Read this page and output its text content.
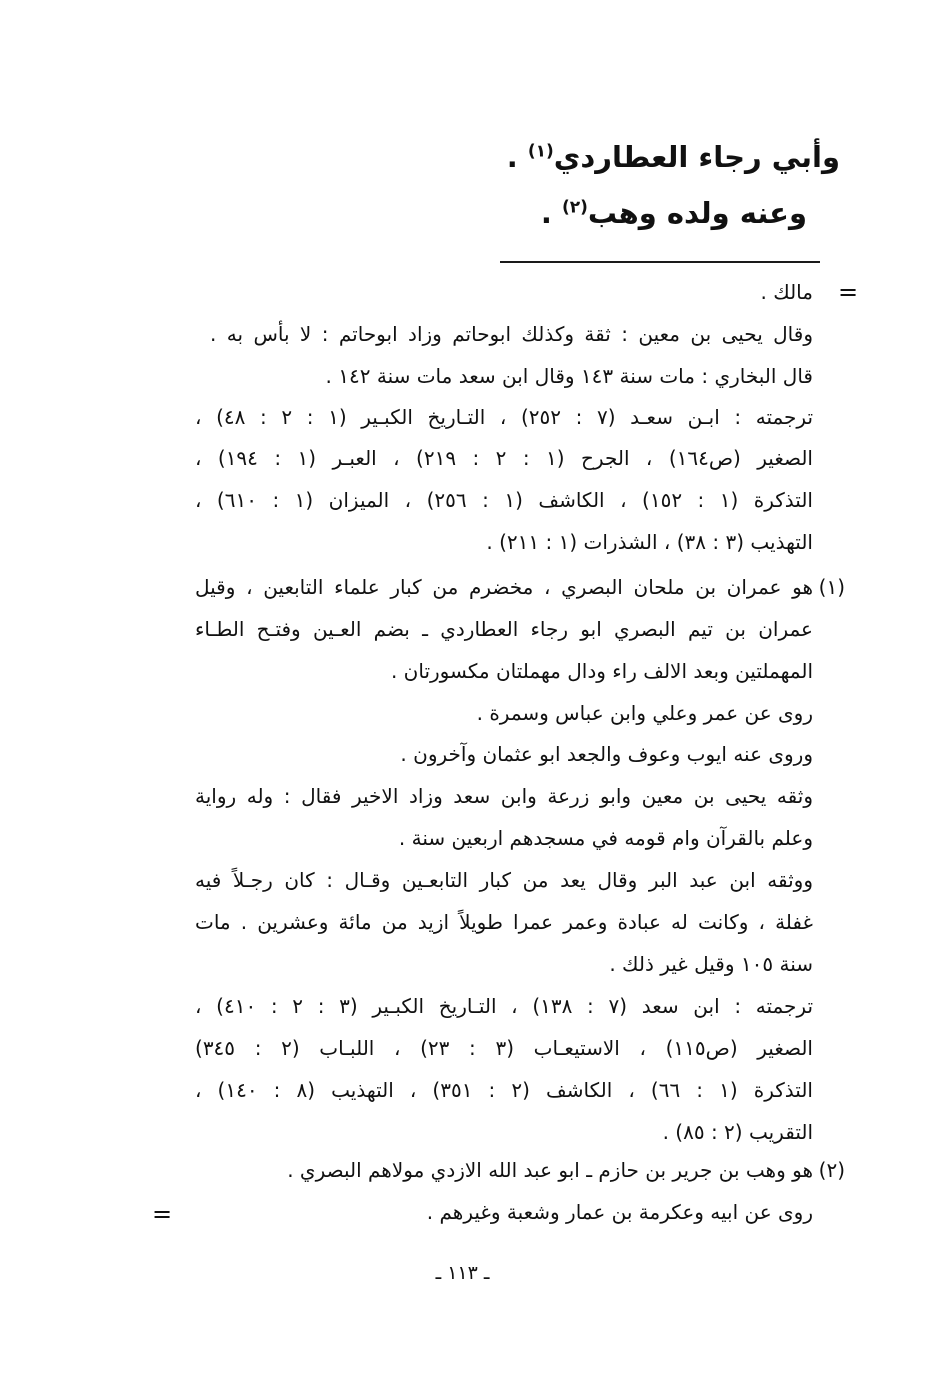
وأبي رجاء العطاردي$^{(١)}$ .
وعنه ولده وهب$^{(٢)}$ .
=
مالك .
وقال يحيى بن معين : ثقة وكذلك ابوحاتم وزاد ابوحاتم : لا بأس به .
قال البخاري : مات سنة ١٤٣ وقال ابن سعد مات سنة ١٤٢ .
ترجمته : ابـن سعـد (٧ : ٢٥٢) ، التـاريخ الكبـير (١ : ٢ : ٤٨) ،
الصغير (ص١٦٤) ، الجرح (١ : ٢ : ٢١٩) ، العبـر (١ : ١٩٤) ،
التذكرة (١ : ١٥٢) ، الكاشف (١ : ٢٥٦) ، الميزان (١ : ٦١٠) ،
التهذيب (٣ : ٣٨) ، الشذرات (١ : ٢١١) .
(١)
هو عمران بن ملحان البصري ، مخضرم من كبار علماء التابعين ، وقيل
عمران بن تيم البصري ابو رجاء العطاردي ـ بضم العـين وفتـح الطـاء
المهملتين وبعد الالف راء ودال مهملتان مكسورتان .
روى عن عمر وعلي وابن عباس وسمرة .
وروى عنه ايوب وعوف والجعد ابو عثمان وآخرون .
وثقه يحيى بن معين وابو زرعة وابن سعد وزاد الاخير فقال : وله رواية
وعلم بالقرآن وام قومه في مسجدهم اربعين سنة .
ووثقه ابن عبد البر وقال يعد من كبار التابعـين وقـال : كان رجـلاً فيه
غفلة ، وكانت له عبادة وعمر عمرا طويلاً ازيد من مائة وعشرين . مات
سنة ١٠٥ وقيل غير ذلك .
ترجمته : ابن سعد (٧ : ١٣٨) ، التـاريخ الكبـير (٣ : ٢ : ٤١٠) ،
الصغير (ص١١٥) ، الاستيعـاب (٣ : ٢٣) ، اللبـاب (٢ : ٣٤٥)
التذكرة (١ : ٦٦) ، الكاشف (٢ : ٣٥١) ، التهذيب (٨ : ١٤٠) ،
التقريب (٢ : ٨٥) .
(٢)
هو وهب بن جرير بن حازم ـ ابو عبد الله الازدي مولاهم البصري .
روى عن ابيه وعكرمة بن عمار وشعبة وغيرهم .
=
ـ ١١٣ ـ
